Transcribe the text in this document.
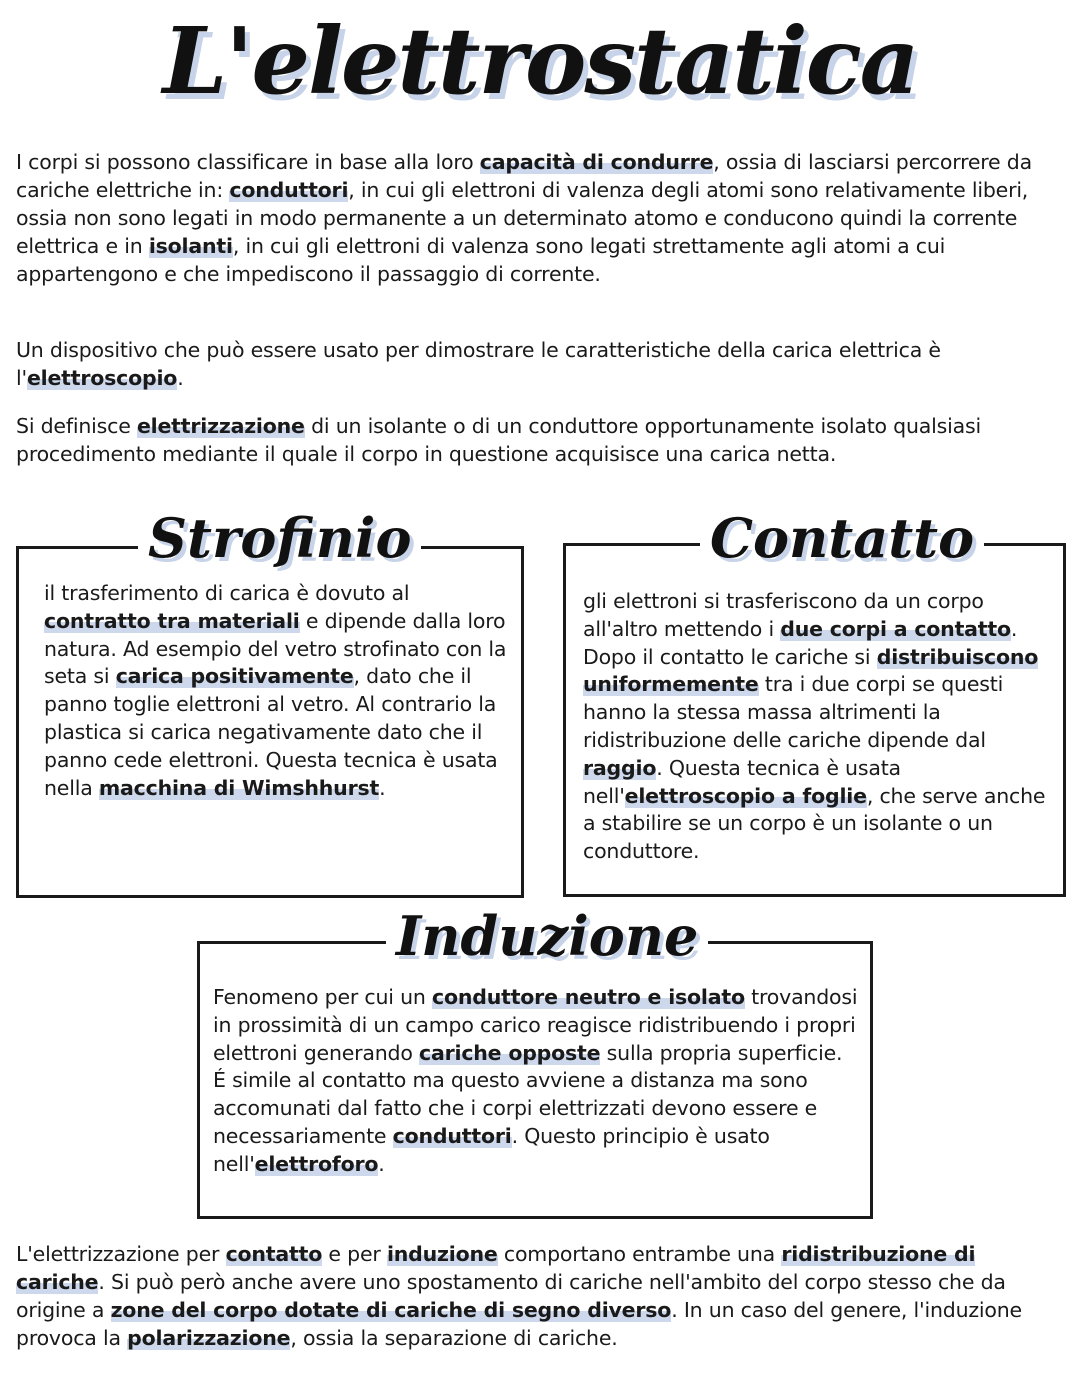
L'elettrostatica

I corpi si possono classificare in base alla loro capacità di condurre, ossia di lasciarsi percorrere da cariche elettriche in: conduttori, in cui gli elettroni di valenza degli atomi sono relativamente liberi, ossia non sono legati in modo permanente a un determinato atomo e conducono quindi la corrente elettrica e in isolanti, in cui gli elettroni di valenza sono legati strettamente agli atomi a cui appartengono e che impediscono il passaggio di corrente.

Un dispositivo che può essere usato per dimostrare le caratteristiche della carica elettrica è l'elettroscopio.

Si definisce elettrizzazione di un isolante o di un conduttore opportunamente isolato qualsiasi procedimento mediante il quale il corpo in questione acquisisce una carica netta.

Strofinio

il trasferimento di carica è dovuto al contratto tra materiali e dipende dalla loro natura. Ad esempio del vetro strofinato con la seta si carica positivamente, dato che il panno toglie elettroni al vetro. Al contrario la plastica si carica negativamente dato che il panno cede elettroni. Questa tecnica è usata nella macchina di Wimshhurst.

Contatto

gli elettroni si trasferiscono da un corpo all'altro mettendo i due corpi a contatto. Dopo il contatto le cariche si distribuiscono uniformemente tra i due corpi se questi hanno la stessa massa altrimenti la ridistribuzione delle cariche dipende dal raggio. Questa tecnica è usata nell'elettroscopio a foglie, che serve anche a stabilire se un corpo è un isolante o un conduttore.

Induzione

Fenomeno per cui un conduttore neutro e isolato trovandosi in prossimità di un campo carico reagisce ridistribuendo i propri elettroni generando cariche opposte sulla propria superficie. É simile al contatto ma questo avviene a distanza ma sono accomunati dal fatto che i corpi elettrizzati devono essere e necessariamente conduttori. Questo principio è usato nell'elettroforo.

L'elettrizzazione per contatto e per induzione comportano entrambe una ridistribuzione di cariche. Si può però anche avere uno spostamento di cariche nell'ambito del corpo stesso che da origine a zone del corpo dotate di cariche di segno diverso. In un caso del genere, l'induzione provoca la polarizzazione, ossia la separazione di cariche.
